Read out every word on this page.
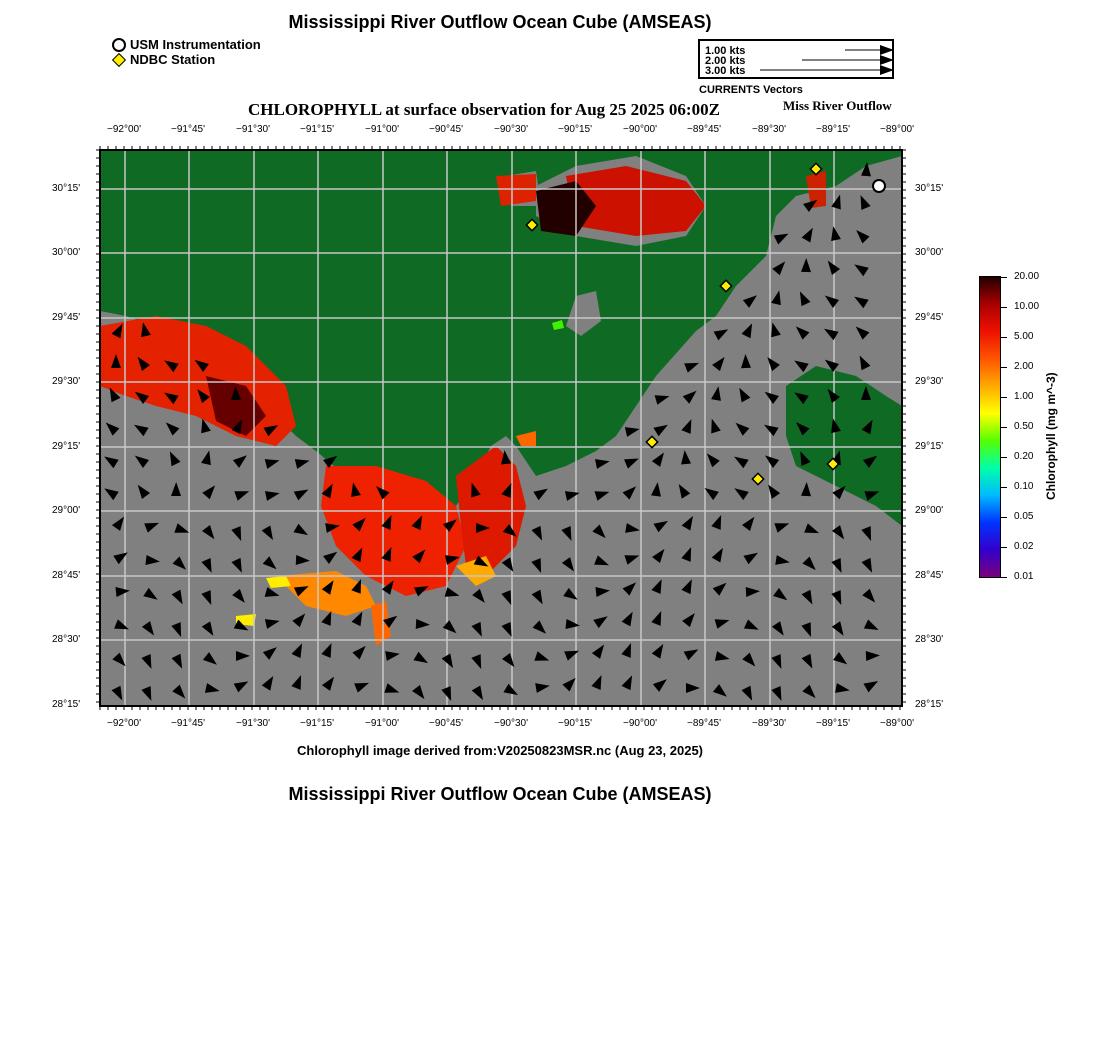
Mississippi River Outflow Ocean Cube (AMSEAS)
USM Instrumentation
NDBC Station
1.00 kts
2.00 kts
3.00 kts
CURRENTS Vectors
CHLOROPHYLL at surface observation for Aug 25 2025 06:00Z	Miss River Outflow
−92°00'	−91°45'	−91°30'	−91°15'	−91°00'	−90°45'	−90°30'	−90°15'	−90°00'	−89°45'	−89°30'	−89°15'	−89°00'
−92°00'	−91°45'	−91°30'	−91°15'	−91°00'	−90°45'	−90°30'	−90°15'	−90°00'	−89°45'	−89°30'	−89°15'	−89°00'
30°15'
30°00'
29°45'
29°30'
29°15'
29°00'
28°45'
28°30'
28°15'
30°15'
30°00'
29°45'
29°30'
29°15'
29°00'
28°45'
28°30'
28°15'
20.00
10.00
5.00
2.00
1.00
0.50
0.20
0.10
0.05
0.02
0.01
Chlorophyll (mg m^-3)
Chlorophyll image derived from:V20250823MSR.nc (Aug 23, 2025)
Mississippi River Outflow Ocean Cube (AMSEAS)
